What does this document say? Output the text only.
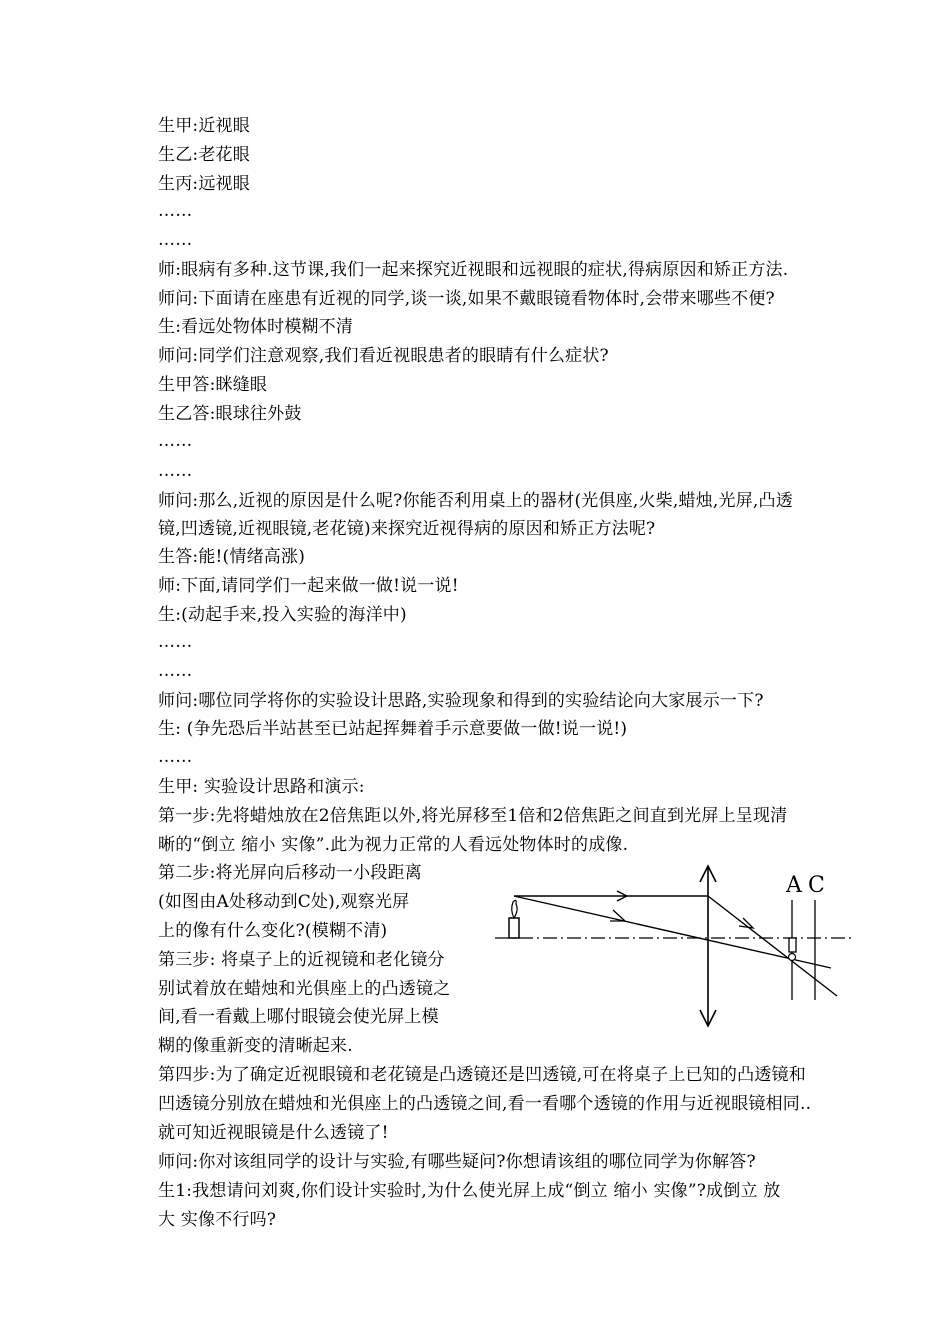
生甲:近视眼
生乙:老花眼
生丙:远视眼
……
……
师:眼病有多种.这节课,我们一起来探究近视眼和远视眼的症状,得病原因和矫正方法.
师问:下面请在座患有近视的同学,谈一谈,如果不戴眼镜看物体时,会带来哪些不便?
生:看远处物体时模糊不清
师问:同学们注意观察,我们看近视眼患者的眼睛有什么症状?
生甲答:眯缝眼
生乙答:眼球往外鼓
……
……
师问:那么,近视的原因是什么呢?你能否利用桌上的器材(光俱座,火柴,蜡烛,光屏,凸透
镜,凹透镜,近视眼镜,老花镜)来探究近视得病的原因和矫正方法呢?
生答:能!(情绪高涨)
师:下面,请同学们一起来做一做!说一说!
生:(动起手来,投入实验的海洋中)
……
……
师问:哪位同学将你的实验设计思路,实验现象和得到的实验结论向大家展示一下?
生: (争先恐后半站甚至已站起挥舞着手示意要做一做!说一说!)
……
生甲: 实验设计思路和演示:
第一步:先将蜡烛放在2倍焦距以外,将光屏移至1倍和2倍焦距之间直到光屏上呈现清
晰的“倒立 缩小 实像”.此为视力正常的人看远处物体时的成像.
第二步:将光屏向后移动一小段距离
(如图由A处移动到C处),观察光屏
上的像有什么变化?(模糊不清)
第三步: 将桌子上的近视镜和老化镜分
别试着放在蜡烛和光俱座上的凸透镜之
间,看一看戴上哪付眼镜会使光屏上模
糊的像重新变的清晰起来.
第四步:为了确定近视眼镜和老花镜是凸透镜还是凹透镜,可在将桌子上已知的凸透镜和
凹透镜分别放在蜡烛和光俱座上的凸透镜之间,看一看哪个透镜的作用与近视眼镜相同..
就可知近视眼镜是什么透镜了!
师问:你对该组同学的设计与实验,有哪些疑问?你想请该组的哪位同学为你解答?
生1:我想请问刘爽,你们设计实验时,为什么使光屏上成“倒立 缩小 实像”?成倒立 放
大 实像不行吗?
A C
